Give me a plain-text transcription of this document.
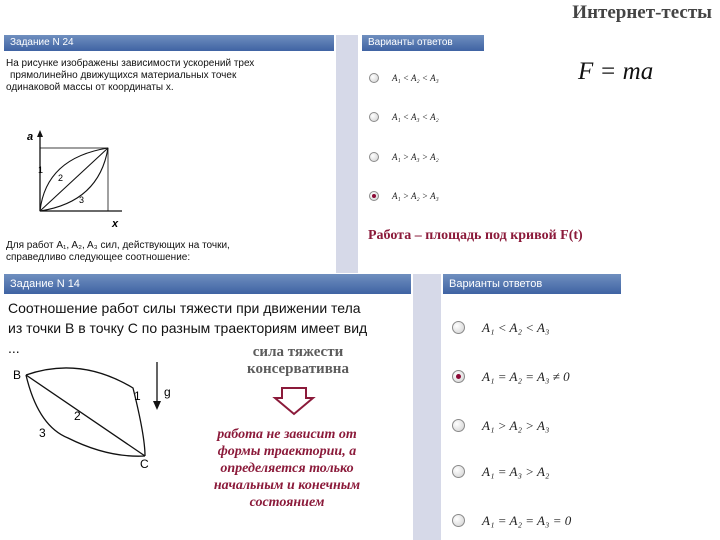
Интернет-тесты
Задание N 24
На рисунке изображены зависимости ускорений трех
прямолинейно движущихся материальных точек
одинаковой массы от координаты x.
a
x
1
2
3
Для работ A₁, A₂, A₃ сил, действующих на точки,
справедливо следующее соотношение:
Варианты ответов
A₁ < A₂ < A₃
A₁ < A₃ < A₂
A₁ > A₃ > A₂
A₁ > A₂ > A₃
F = ma
Работа – площадь под кривой F(t)
Задание N 14
Соотношение работ силы тяжести при движении тела
из точки В в точку С по разным траекториям имеет вид
...
B
C
g
1
2
3
сила тяжести
консервативна
работа не зависит от
формы траектории, а
определяется только
начальным и конечным
состоянием
Варианты ответов
A₁ < A₂ < A₃
A₁ = A₂ = A₃ ≠ 0
A₁ > A₂ > A₃
A₁ = A₃ > A₂
A₁ = A₂ = A₃ = 0
